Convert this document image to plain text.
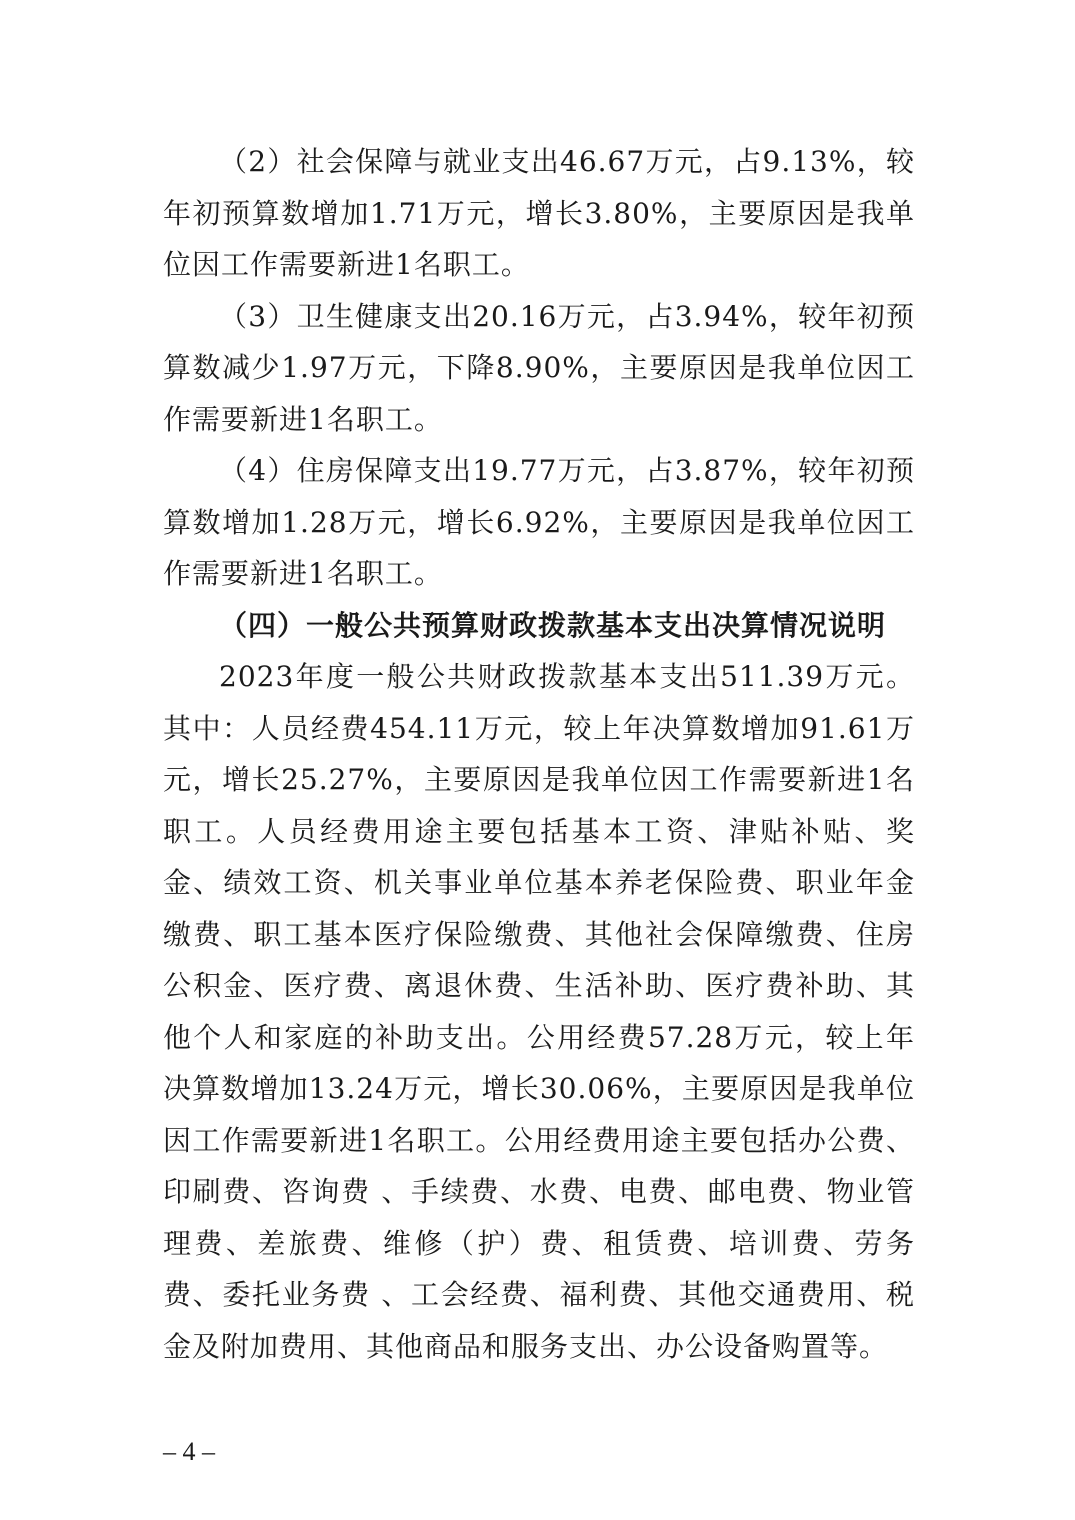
（2）社会保障与就业支出46.67万元，占9.13%，较年初预算数增加1.71万元，增长3.80%，主要原因是我单位因工作需要新进1名职工。

（3）卫生健康支出20.16万元，占3.94%，较年初预算数减少1.97万元，下降8.90%，主要原因是我单位因工作需要新进1名职工。

（4）住房保障支出19.77万元，占3.87%，较年初预算数增加1.28万元，增长6.92%，主要原因是我单位因工作需要新进1名职工。

（四）一般公共预算财政拨款基本支出决算情况说明

2023年度一般公共财政拨款基本支出511.39万元。其中：人员经费454.11万元，较上年决算数增加91.61万元，增长25.27%，主要原因是我单位因工作需要新进1名职工。人员经费用途主要包括基本工资、津贴补贴、奖金、绩效工资、机关事业单位基本养老保险费、职业年金缴费、职工基本医疗保险缴费、其他社会保障缴费、住房公积金、医疗费、离退休费、生活补助、医疗费补助、其他个人和家庭的补助支出。公用经费57.28万元，较上年决算数增加13.24万元，增长30.06%，主要原因是我单位因工作需要新进1名职工。公用经费用途主要包括办公费、印刷费、咨询费 、手续费、水费、电费、邮电费、物业管理费、差旅费、维修（护）费、租赁费、培训费、劳务费、委托业务费 、工会经费、福利费、其他交通费用、税金及附加费用、其他商品和服务支出、办公设备购置等。

– 4 –
